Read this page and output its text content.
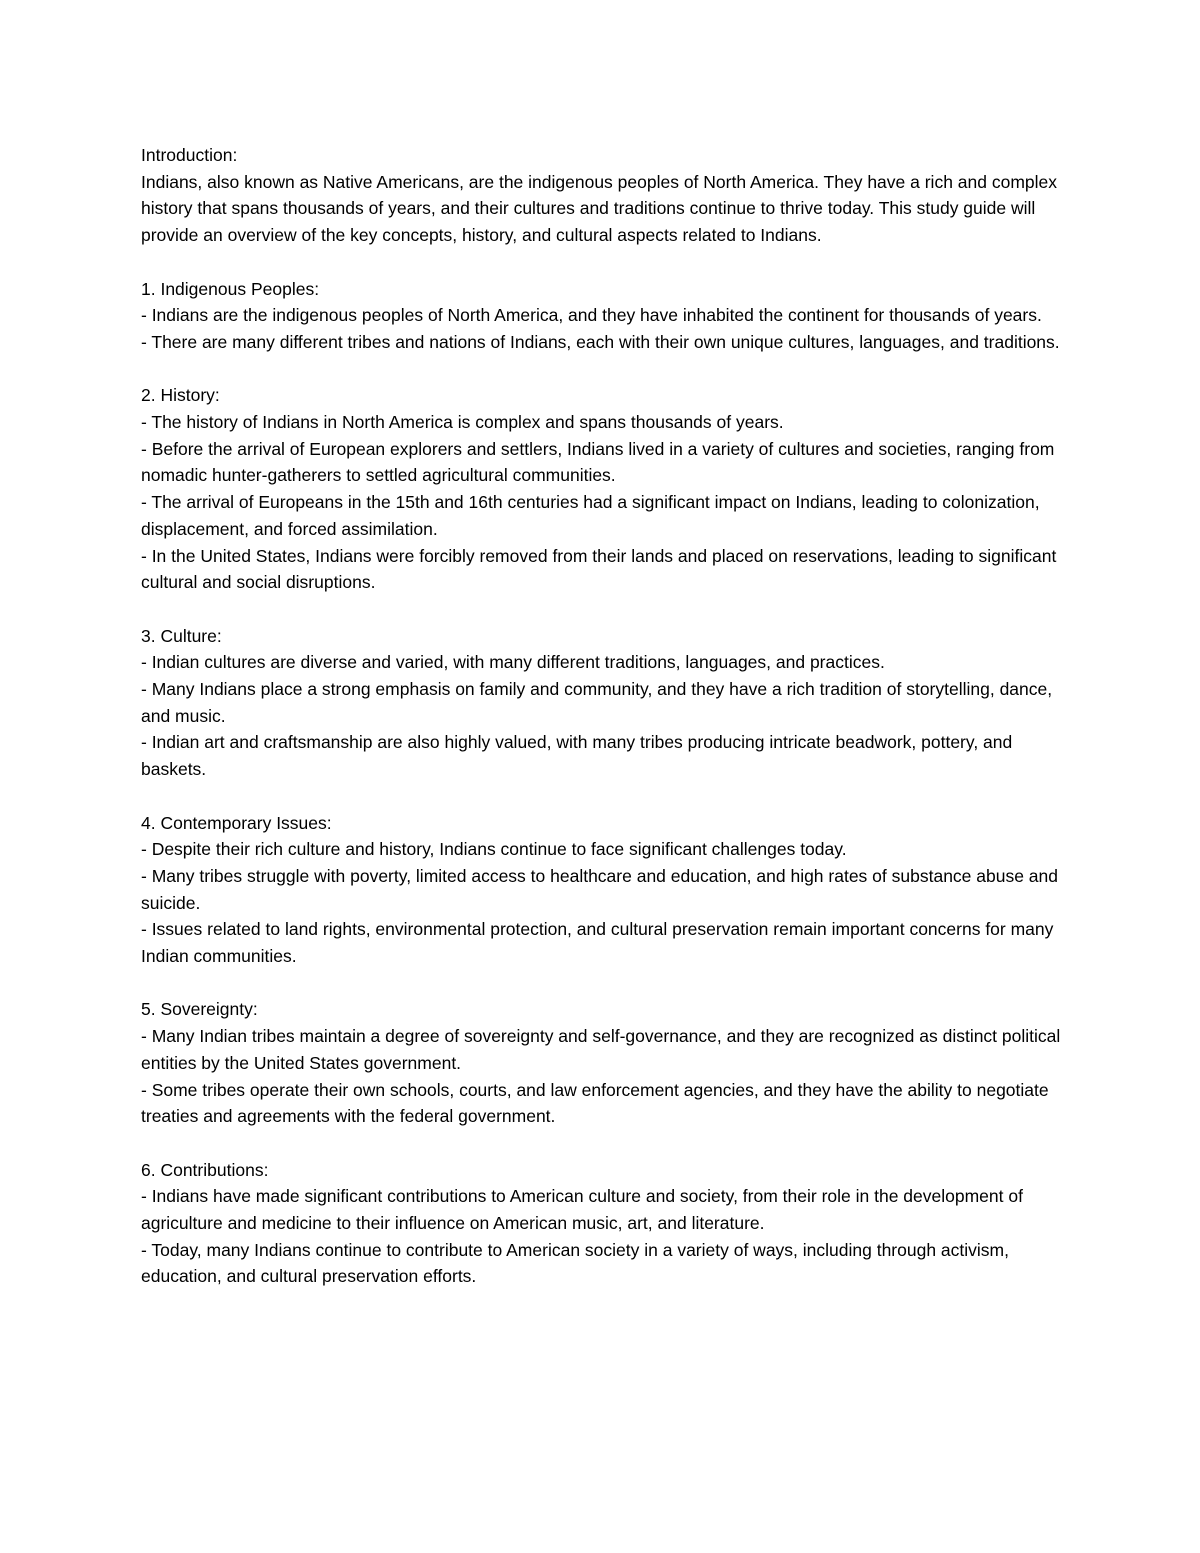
Introduction:

Indians, also known as Native Americans, are the indigenous peoples of North America. They have a rich and complex history that spans thousands of years, and their cultures and traditions continue to thrive today. This study guide will provide an overview of the key concepts, history, and cultural aspects related to Indians.

1. Indigenous Peoples:

- Indians are the indigenous peoples of North America, and they have inhabited the continent for thousands of years.

- There are many different tribes and nations of Indians, each with their own unique cultures, languages, and traditions.

2. History:

- The history of Indians in North America is complex and spans thousands of years.

- Before the arrival of European explorers and settlers, Indians lived in a variety of cultures and societies, ranging from nomadic hunter-gatherers to settled agricultural communities.

- The arrival of Europeans in the 15th and 16th centuries had a significant impact on Indians, leading to colonization, displacement, and forced assimilation.

- In the United States, Indians were forcibly removed from their lands and placed on reservations, leading to significant cultural and social disruptions.

3. Culture:

- Indian cultures are diverse and varied, with many different traditions, languages, and practices.

- Many Indians place a strong emphasis on family and community, and they have a rich tradition of storytelling, dance, and music.

- Indian art and craftsmanship are also highly valued, with many tribes producing intricate beadwork, pottery, and baskets.

4. Contemporary Issues:

- Despite their rich culture and history, Indians continue to face significant challenges today.

- Many tribes struggle with poverty, limited access to healthcare and education, and high rates of substance abuse and suicide.

- Issues related to land rights, environmental protection, and cultural preservation remain important concerns for many Indian communities.

5. Sovereignty:

- Many Indian tribes maintain a degree of sovereignty and self-governance, and they are recognized as distinct political entities by the United States government.

- Some tribes operate their own schools, courts, and law enforcement agencies, and they have the ability to negotiate treaties and agreements with the federal government.

6. Contributions:

- Indians have made significant contributions to American culture and society, from their role in the development of agriculture and medicine to their influence on American music, art, and literature.

- Today, many Indians continue to contribute to American society in a variety of ways, including through activism, education, and cultural preservation efforts.
